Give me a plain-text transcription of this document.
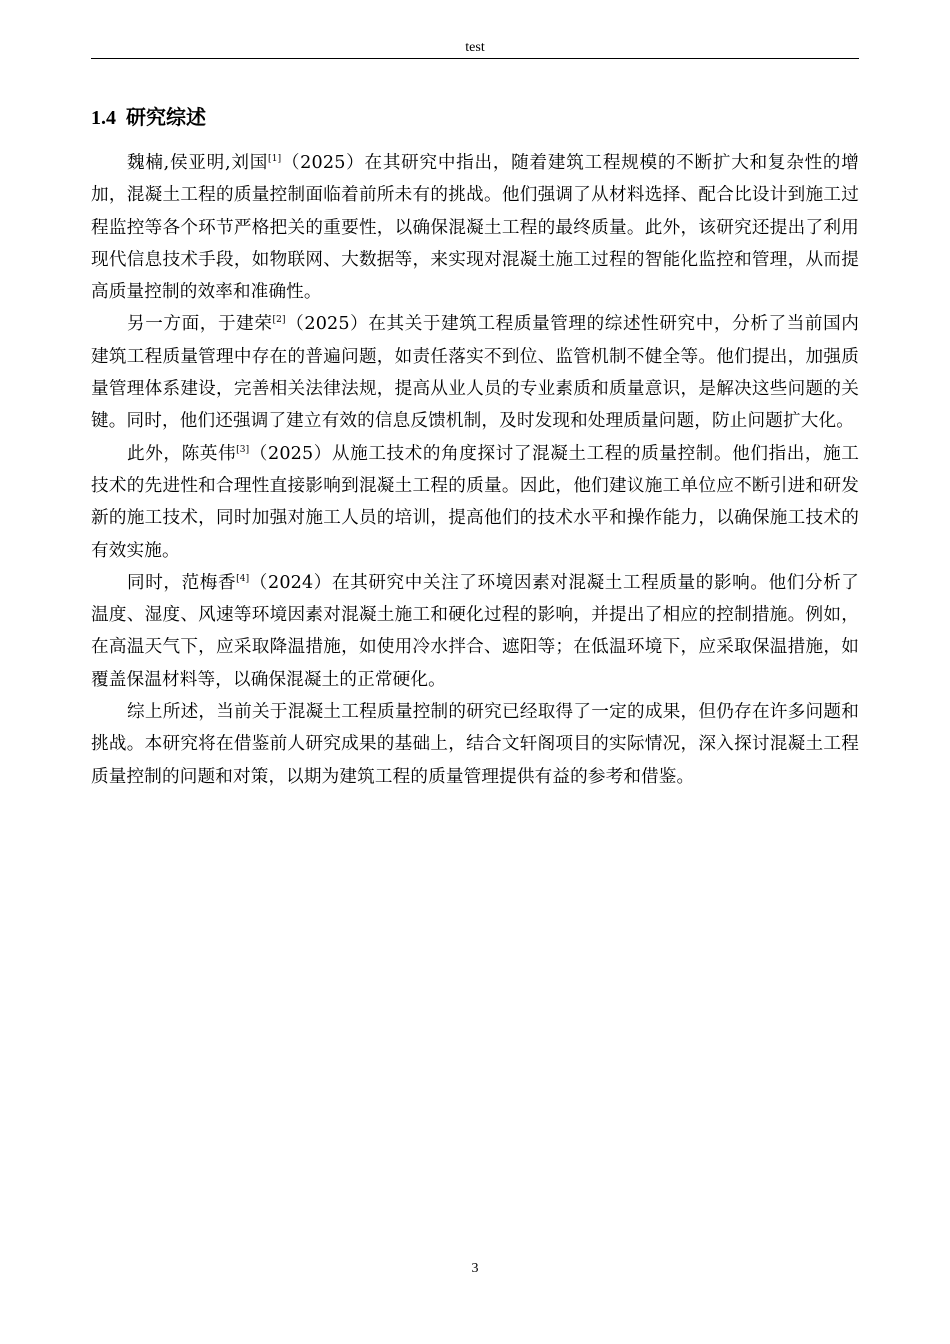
test
1.4 研究综述

魏楠,侯亚明,刘国[1]（2025）在其研究中指出，随着建筑工程规模的不断扩大和复杂性的增加，混凝土工程的质量控制面临着前所未有的挑战。他们强调了从材料选择、配合比设计到施工过程监控等各个环节严格把关的重要性，以确保混凝土工程的最终质量。此外，该研究还提出了利用现代信息技术手段，如物联网、大数据等，来实现对混凝土施工过程的智能化监控和管理，从而提高质量控制的效率和准确性。

另一方面，于建荣[2]（2025）在其关于建筑工程质量管理的综述性研究中，分析了当前国内建筑工程质量管理中存在的普遍问题，如责任落实不到位、监管机制不健全等。他们提出，加强质量管理体系建设，完善相关法律法规，提高从业人员的专业素质和质量意识，是解决这些问题的关键。同时，他们还强调了建立有效的信息反馈机制，及时发现和处理质量问题，防止问题扩大化。

此外，陈英伟[3]（2025）从施工技术的角度探讨了混凝土工程的质量控制。他们指出，施工技术的先进性和合理性直接影响到混凝土工程的质量。因此，他们建议施工单位应不断引进和研发新的施工技术，同时加强对施工人员的培训，提高他们的技术水平和操作能力，以确保施工技术的有效实施。

同时，范梅香[4]（2024）在其研究中关注了环境因素对混凝土工程质量的影响。他们分析了温度、湿度、风速等环境因素对混凝土施工和硬化过程的影响，并提出了相应的控制措施。例如，在高温天气下，应采取降温措施，如使用冷水拌合、遮阳等；在低温环境下，应采取保温措施，如覆盖保温材料等，以确保混凝土的正常硬化。

综上所述，当前关于混凝土工程质量控制的研究已经取得了一定的成果，但仍存在许多问题和挑战。本研究将在借鉴前人研究成果的基础上，结合文轩阁项目的实际情况，深入探讨混凝土工程质量控制的问题和对策，以期为建筑工程的质量管理提供有益的参考和借鉴。

3
